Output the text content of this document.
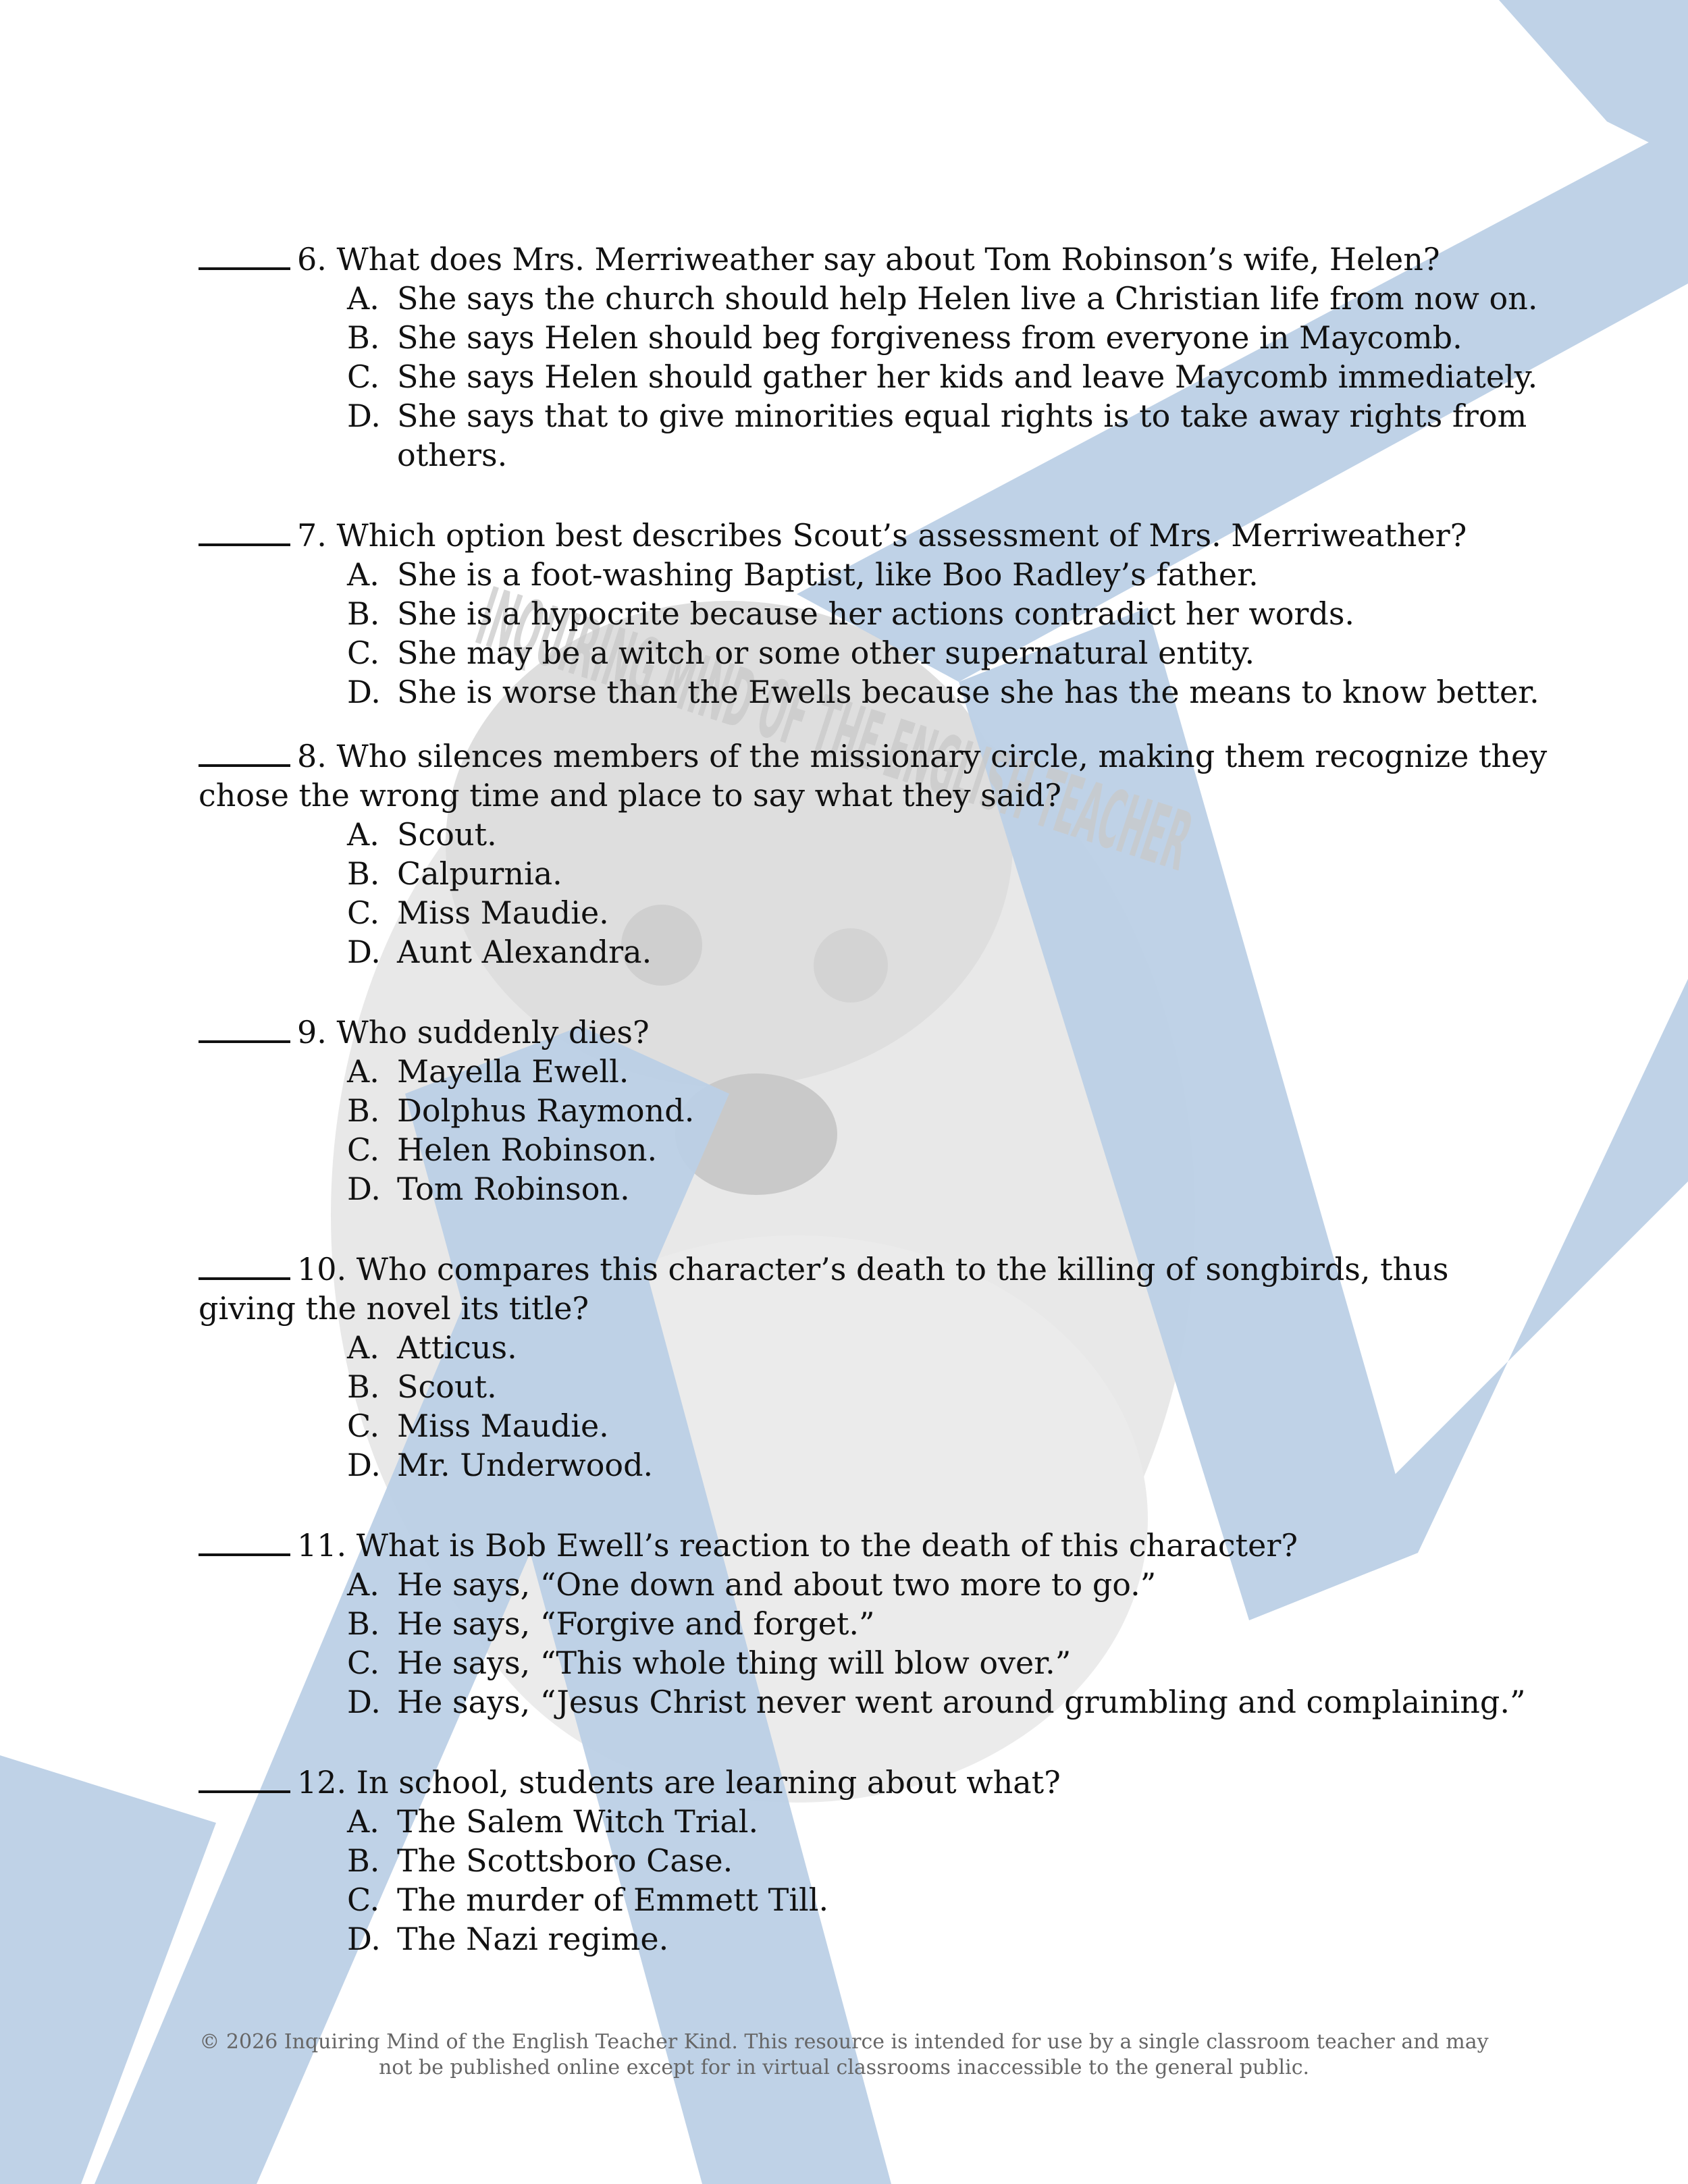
6. What does Mrs. Merriweather say about Tom Robinson’s wife, Helen?

A. She says the church should help Helen live a Christian life from now on.
B. She says Helen should beg forgiveness from everyone in Maycomb.
C. She says Helen should gather her kids and leave Maycomb immediately.
D. She says that to give minorities equal rights is to take away rights from others.

7. Which option best describes Scout’s assessment of Mrs. Merriweather?

A. She is a foot-washing Baptist, like Boo Radley’s father.
B. She is a hypocrite because her actions contradict her words.
C. She may be a witch or some other supernatural entity.
D. She is worse than the Ewells because she has the means to know better.

8. Who silences members of the missionary circle, making them recognize they chose the wrong time and place to say what they said?

A. Scout.
B. Calpurnia.
C. Miss Maudie.
D. Aunt Alexandra.

9. Who suddenly dies?

A. Mayella Ewell.
B. Dolphus Raymond.
C. Helen Robinson.
D. Tom Robinson.

10. Who compares this character’s death to the killing of songbirds, thus giving the novel its title?

A. Atticus.
B. Scout.
C. Miss Maudie.
D. Mr. Underwood.

11. What is Bob Ewell’s reaction to the death of this character?

A. He says, “One down and about two more to go.”
B. He says, “Forgive and forget.”
C. He says, “This whole thing will blow over.”
D. He says, “Jesus Christ never went around grumbling and complaining.”

12. In school, students are learning about what?

A. The Salem Witch Trial.
B. The Scottsboro Case.
C. The murder of Emmett Till.
D. The Nazi regime.
© 2026 Inquiring Mind of the English Teacher Kind. This resource is intended for use by a single classroom teacher and may
not be published online except for in virtual classrooms inaccessible to the general public.
